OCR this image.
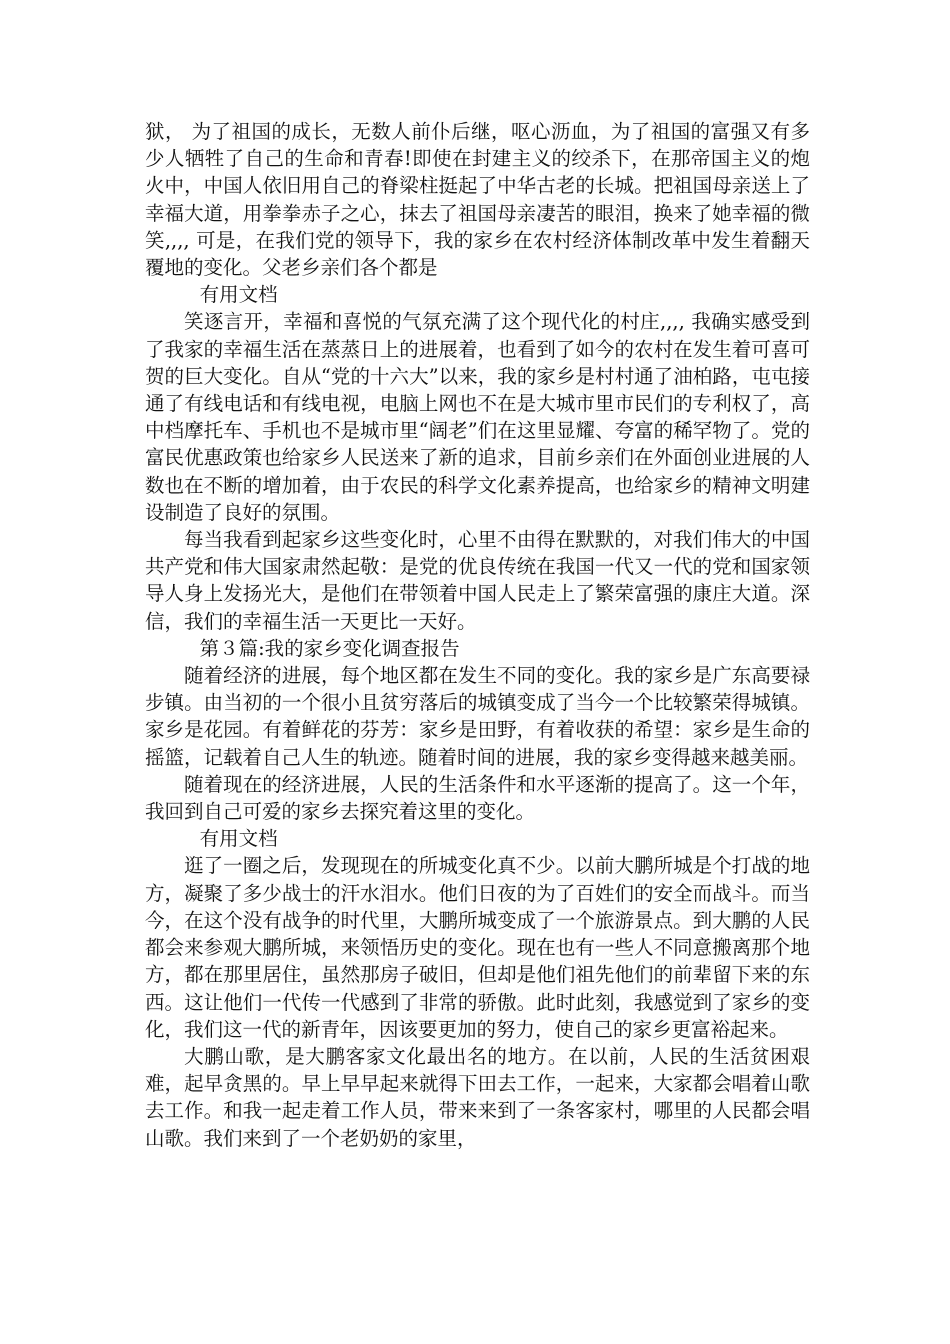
狱， 为了祖国的成长，无数人前仆后继，呕心沥血，为了祖国的富强又有多少人牺牲了自己的生命和青春!即使在封建主义的绞杀下，在那帝国主义的炮火中，中国人依旧用自己的脊梁柱挺起了中华古老的长城。把祖国母亲送上了幸福大道，用拳拳赤子之心，抹去了祖国母亲凄苦的眼泪，换来了她幸福的微笑,,,, 可是，在我们党的领导下，我的家乡在农村经济体制改革中发生着翻天覆地的变化。父老乡亲们各个都是

有用文档

笑逐言开，幸福和喜悦的气氛充满了这个现代化的村庄,,,, 我确实感受到了我家的幸福生活在蒸蒸日上的进展着，也看到了如今的农村在发生着可喜可贺的巨大变化。自从“党的十六大”以来，我的家乡是村村通了油柏路，屯屯接通了有线电话和有线电视，电脑上网也不在是大城市里市民们的专利权了，高中档摩托车、手机也不是城市里“阔老”们在这里显耀、夸富的稀罕物了。党的富民优惠政策也给家乡人民送来了新的追求，目前乡亲们在外面创业进展的人数也在不断的增加着，由于农民的科学文化素养提高，也给家乡的精神文明建设制造了良好的氛围。

每当我看到起家乡这些变化时，心里不由得在默默的，对我们伟大的中国共产党和伟大国家肃然起敬：是党的优良传统在我国一代又一代的党和国家领导人身上发扬光大，是他们在带领着中国人民走上了繁荣富强的康庄大道。深信，我们的幸福生活一天更比一天好。

第３篇:我的家乡变化调查报告

随着经济的进展，每个地区都在发生不同的变化。我的家乡是广东高要禄步镇。由当初的一个很小且贫穷落后的城镇变成了当今一个比较繁荣得城镇。家乡是花园。有着鲜花的芬芳：家乡是田野，有着收获的希望：家乡是生命的摇篮，记载着自己人生的轨迹。随着时间的进展，我的家乡变得越来越美丽。

随着现在的经济进展，人民的生活条件和水平逐渐的提高了。这一个年，我回到自己可爱的家乡去探究着这里的变化。

有用文档

逛了一圈之后，发现现在的所城变化真不少。以前大鹏所城是个打战的地方，凝聚了多少战士的汗水泪水。他们日夜的为了百姓们的安全而战斗。而当今，在这个没有战争的时代里，大鹏所城变成了一个旅游景点。到大鹏的人民都会来参观大鹏所城，来领悟历史的变化。现在也有一些人不同意搬离那个地方，都在那里居住，虽然那房子破旧，但却是他们祖先他们的前辈留下来的东西。这让他们一代传一代感到了非常的骄傲。此时此刻，我感觉到了家乡的变化，我们这一代的新青年，因该要更加的努力，使自己的家乡更富裕起来。

大鹏山歌，是大鹏客家文化最出名的地方。在以前，人民的生活贫困艰难，起早贪黑的。早上早早起来就得下田去工作，一起来，大家都会唱着山歌去工作。和我一起走着工作人员，带来来到了一条客家村，哪里的人民都会唱山歌。我们来到了一个老奶奶的家里，
